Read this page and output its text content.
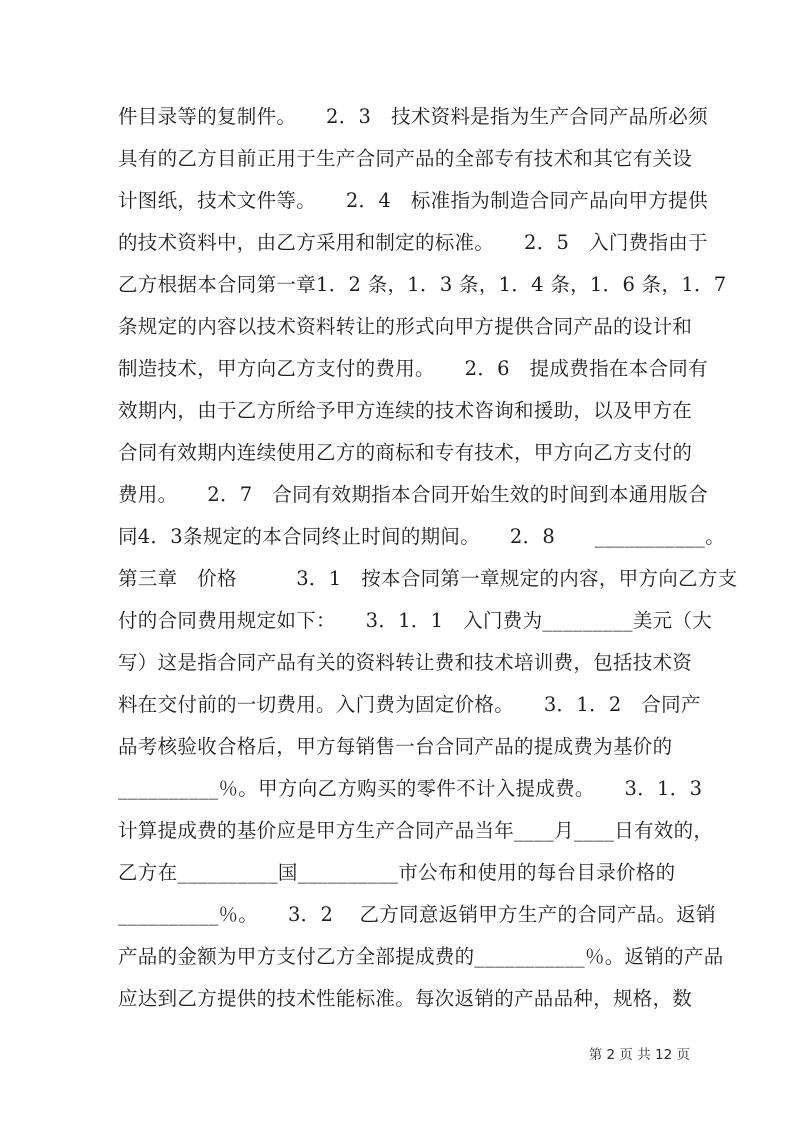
件目录等的复制件。　　2．3　技术资料是指为生产合同产品所必须
具有的乙方目前正用于生产合同产品的全部专有技术和其它有关设
计图纸，技术文件等。　　2．4　标准指为制造合同产品向甲方提供
的技术资料中，由乙方采用和制定的标准。　　2．5　入门费指由于
乙方根据本合同第一章1．2 条，1．3 条，1．4 条，1．6 条，1．7
条规定的内容以技术资料转让的形式向甲方提供合同产品的设计和
制造技术，甲方向乙方支付的费用。　　2．6　提成费指在本合同有
效期内，由于乙方所给予甲方连续的技术咨询和援助，以及甲方在
合同有效期内连续使用乙方的商标和专有技术，甲方向乙方支付的
费用。　　2．7　合同有效期指本合同开始生效的时间到本通用版合
同4．3条规定的本合同终止时间的期间。　　2．8　　___________。
第三章　价格　　　3．1　按本合同第一章规定的内容，甲方向乙方支
付的合同费用规定如下：　　3．1．1　入门费为_________美元（大
写）这是指合同产品有关的资料转让费和技术培训费，包括技术资
料在交付前的一切费用。入门费为固定价格。　　3．1．2　合同产
品考核验收合格后，甲方每销售一台合同产品的提成费为基价的
__________％。甲方向乙方购买的零件不计入提成费。　　3．1．3
计算提成费的基价应是甲方生产合同产品当年____月____日有效的，
乙方在__________国__________市公布和使用的每台目录价格的
__________％。　　3．2　 乙方同意返销甲方生产的合同产品。返销
产品的金额为甲方支付乙方全部提成费的___________％。返销的产品
应达到乙方提供的技术性能标准。每次返销的产品品种，规格，数
第 2 页 共 12 页
